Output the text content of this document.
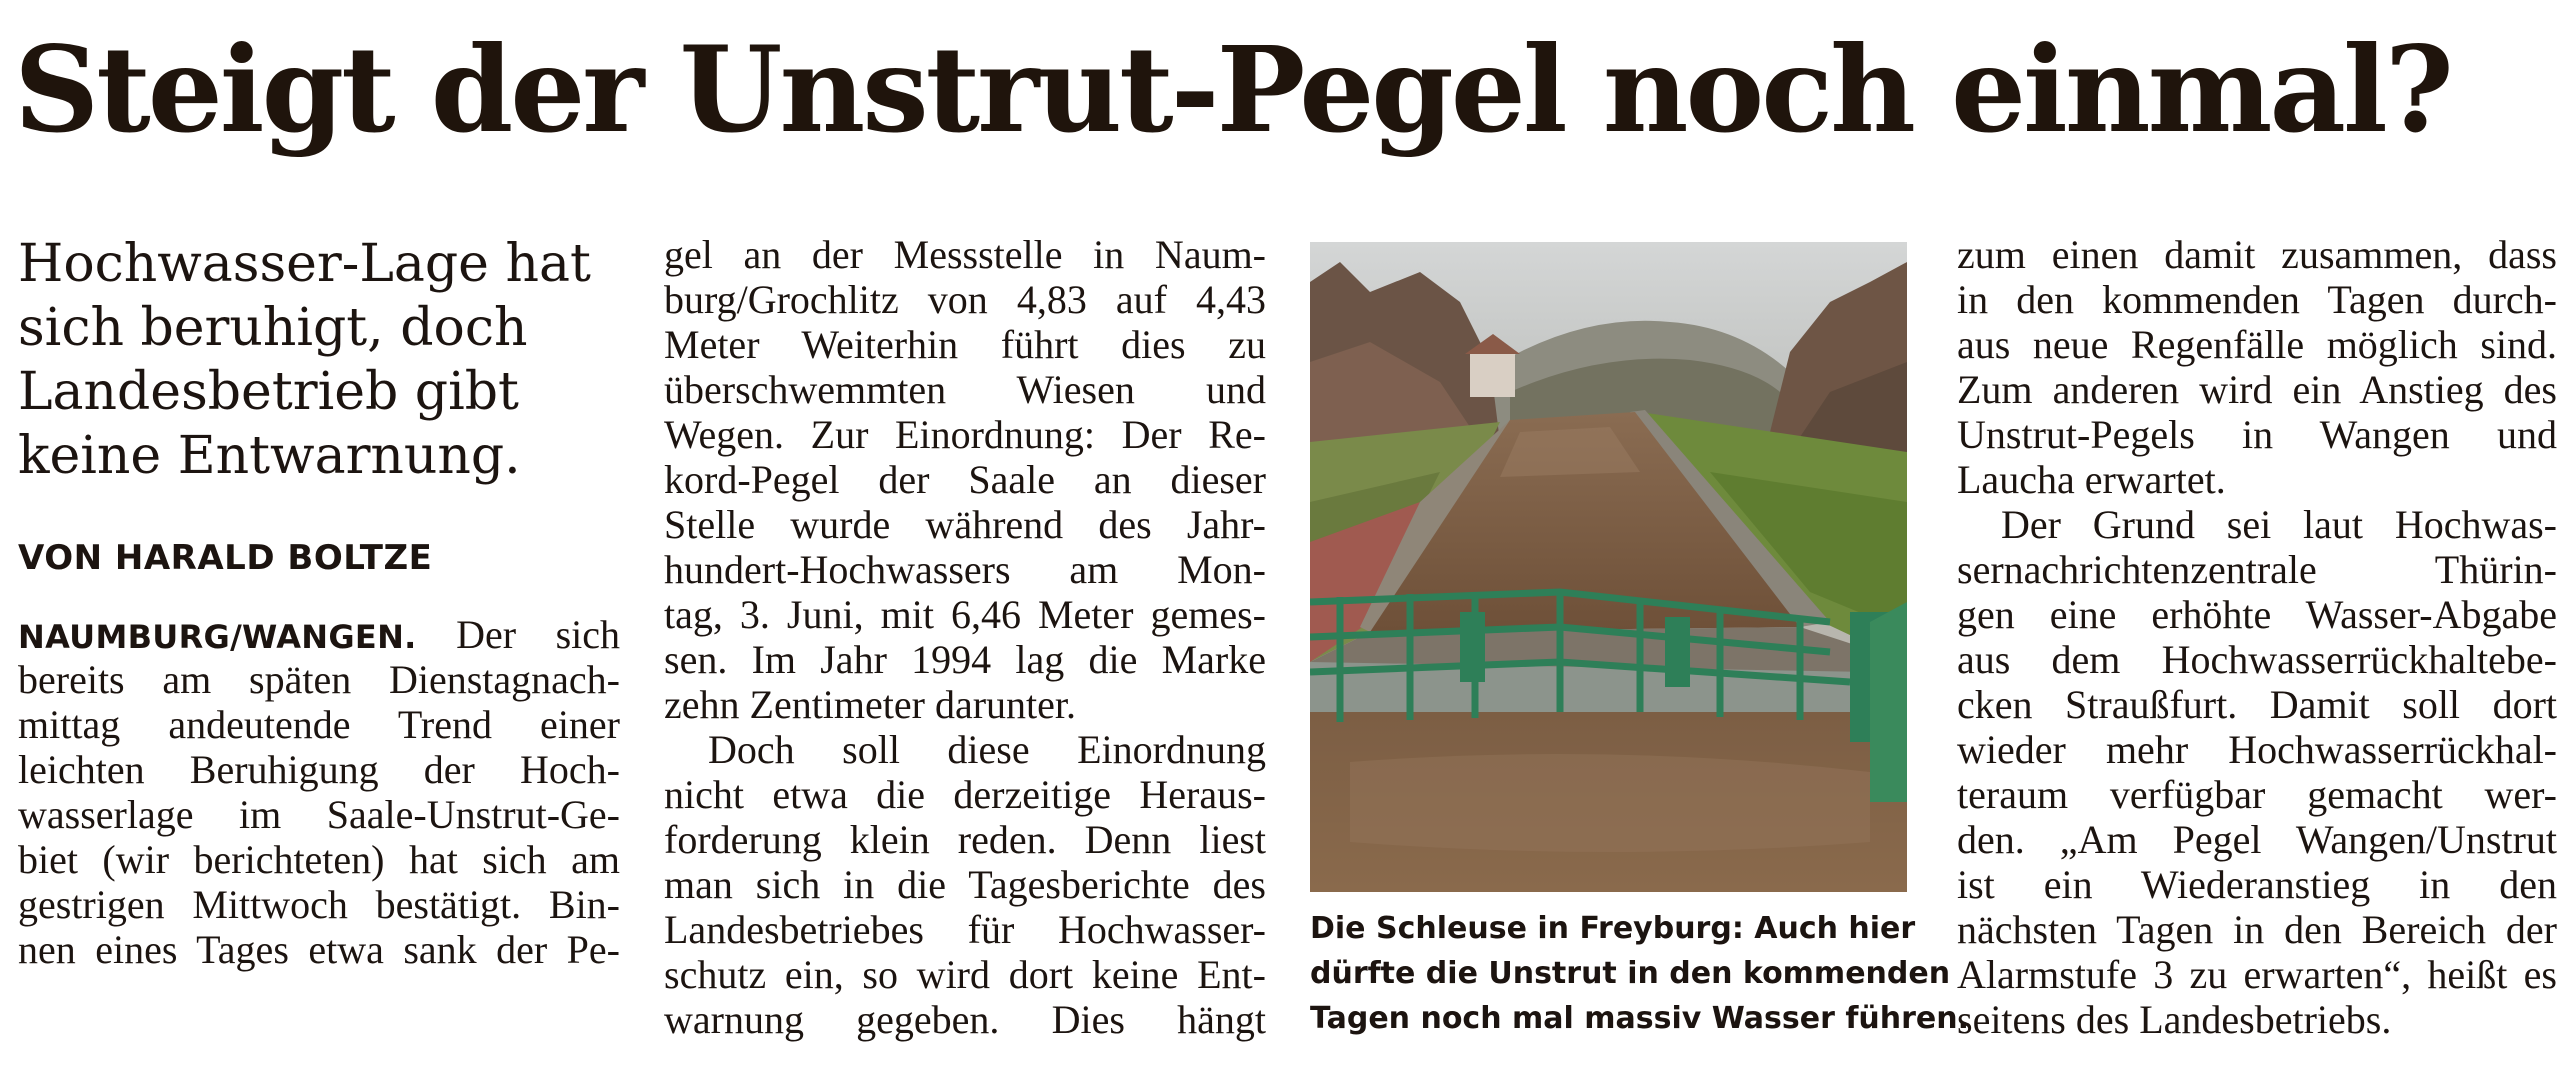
Steigt der Unstrut-Pegel noch einmal?
Hochwasser-Lage hat
sich beruhigt, doch
Landesbetrieb gibt
keine Entwarnung.
VON HARALD BOLTZE
NAUMBURG/WANGEN. Der sich
bereits am späten Dienstagnach-
mittag andeutende Trend einer
leichten Beruhigung der Hoch-
wasserlage im Saale-Unstrut-Ge-
biet (wir berichteten) hat sich am
gestrigen Mittwoch bestätigt. Bin-
nen eines Tages etwa sank der Pe-
gel an der Messstelle in Naum-
burg/Grochlitz von 4,83 auf 4,43
Meter Weiterhin führt dies zu
überschwemmten Wiesen und
Wegen. Zur Einordnung: Der Re-
kord-Pegel der Saale an dieser
Stelle wurde während des Jahr-
hundert-Hochwassers am Mon-
tag, 3. Juni, mit 6,46 Meter gemes-
sen. Im Jahr 1994 lag die Marke
zehn Zentimeter darunter.
Doch soll diese Einordnung
nicht etwa die derzeitige Heraus-
forderung klein reden. Denn liest
man sich in die Tagesberichte des
Landesbetriebes für Hochwasser-
schutz ein, so wird dort keine Ent-
warnung gegeben. Dies hängt
Die Schleuse in Freyburg: Auch hier
dürfte die Unstrut in den kommenden
Tagen noch mal massiv Wasser führen.
zum einen damit zusammen, dass
in den kommenden Tagen durch-
aus neue Regenfälle möglich sind.
Zum anderen wird ein Anstieg des
Unstrut-Pegels in Wangen und
Laucha erwartet.
Der Grund sei laut Hochwas-
sernachrichtenzentrale Thürin-
gen eine erhöhte Wasser-Abgabe
aus dem Hochwasserrückhaltebe-
cken Straußfurt. Damit soll dort
wieder mehr Hochwasserrückhal-
teraum verfügbar gemacht wer-
den. „Am Pegel Wangen/Unstrut
ist ein Wiederanstieg in den
nächsten Tagen in den Bereich der
Alarmstufe 3 zu erwarten“, heißt es
seitens des Landesbetriebs.
